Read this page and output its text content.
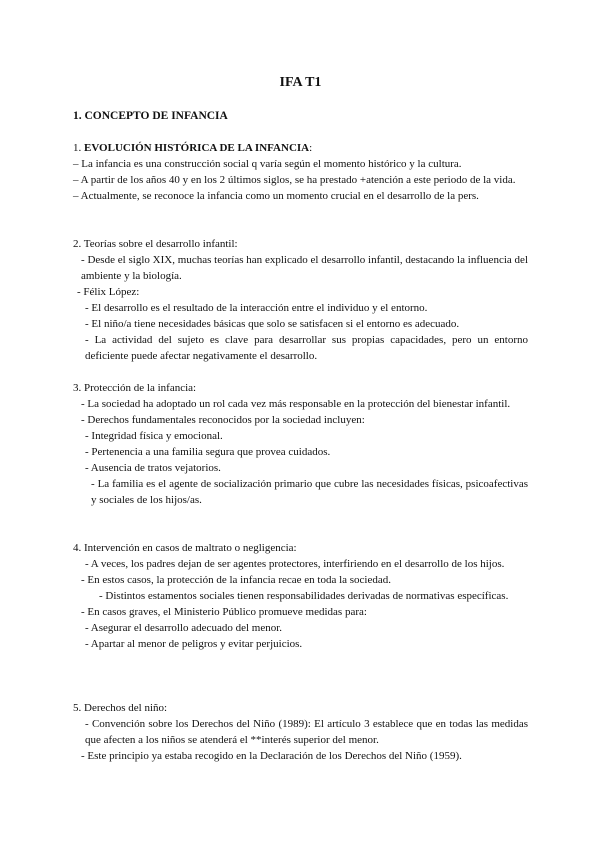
IFA T1
1. CONCEPTO DE INFANCIA
1. EVOLUCIÓN HISTÓRICA DE LA INFANCIA:
– La infancia es una construcción social q varía según el momento histórico y la cultura.
– A partir de los años 40 y en los 2 últimos siglos, se ha prestado +atención a este periodo de la vida.
– Actualmente, se reconoce la infancia como un momento crucial en el desarrollo de la pers.
2. Teorías sobre el desarrollo infantil:
- Desde el siglo XIX, muchas teorías han explicado el desarrollo infantil, destacando la influencia del ambiente y la biología.
- Félix López:
- El desarrollo es el resultado de la interacción entre el individuo y el entorno.
- El niño/a tiene necesidades básicas que solo se satisfacen si el entorno es adecuado.
- La actividad del sujeto es clave para desarrollar sus propias capacidades, pero un entorno deficiente puede afectar negativamente el desarrollo.
3. Protección de la infancia:
- La sociedad ha adoptado un rol cada vez más responsable en la protección del bienestar infantil.
- Derechos fundamentales reconocidos por la sociedad incluyen:
- Integridad física y emocional.
- Pertenencia a una familia segura que provea cuidados.
- Ausencia de tratos vejatorios.
- La familia es el agente de socialización primario que cubre las necesidades físicas, psicoafectivas y sociales de los hijos/as.
4. Intervención en casos de maltrato o negligencia:
- A veces, los padres dejan de ser agentes protectores, interfiriendo en el desarrollo de los hijos.
- En estos casos, la protección de la infancia recae en toda la sociedad.
- Distintos estamentos sociales tienen responsabilidades derivadas de normativas específicas.
- En casos graves, el Ministerio Público promueve medidas para:
- Asegurar el desarrollo adecuado del menor.
- Apartar al menor de peligros y evitar perjuicios.
5. Derechos del niño:
- Convención sobre los Derechos del Niño (1989): El artículo 3 establece que en todas las medidas que afecten a los niños se atenderá el **interés superior del menor.
- Este principio ya estaba recogido en la Declaración de los Derechos del Niño (1959).
